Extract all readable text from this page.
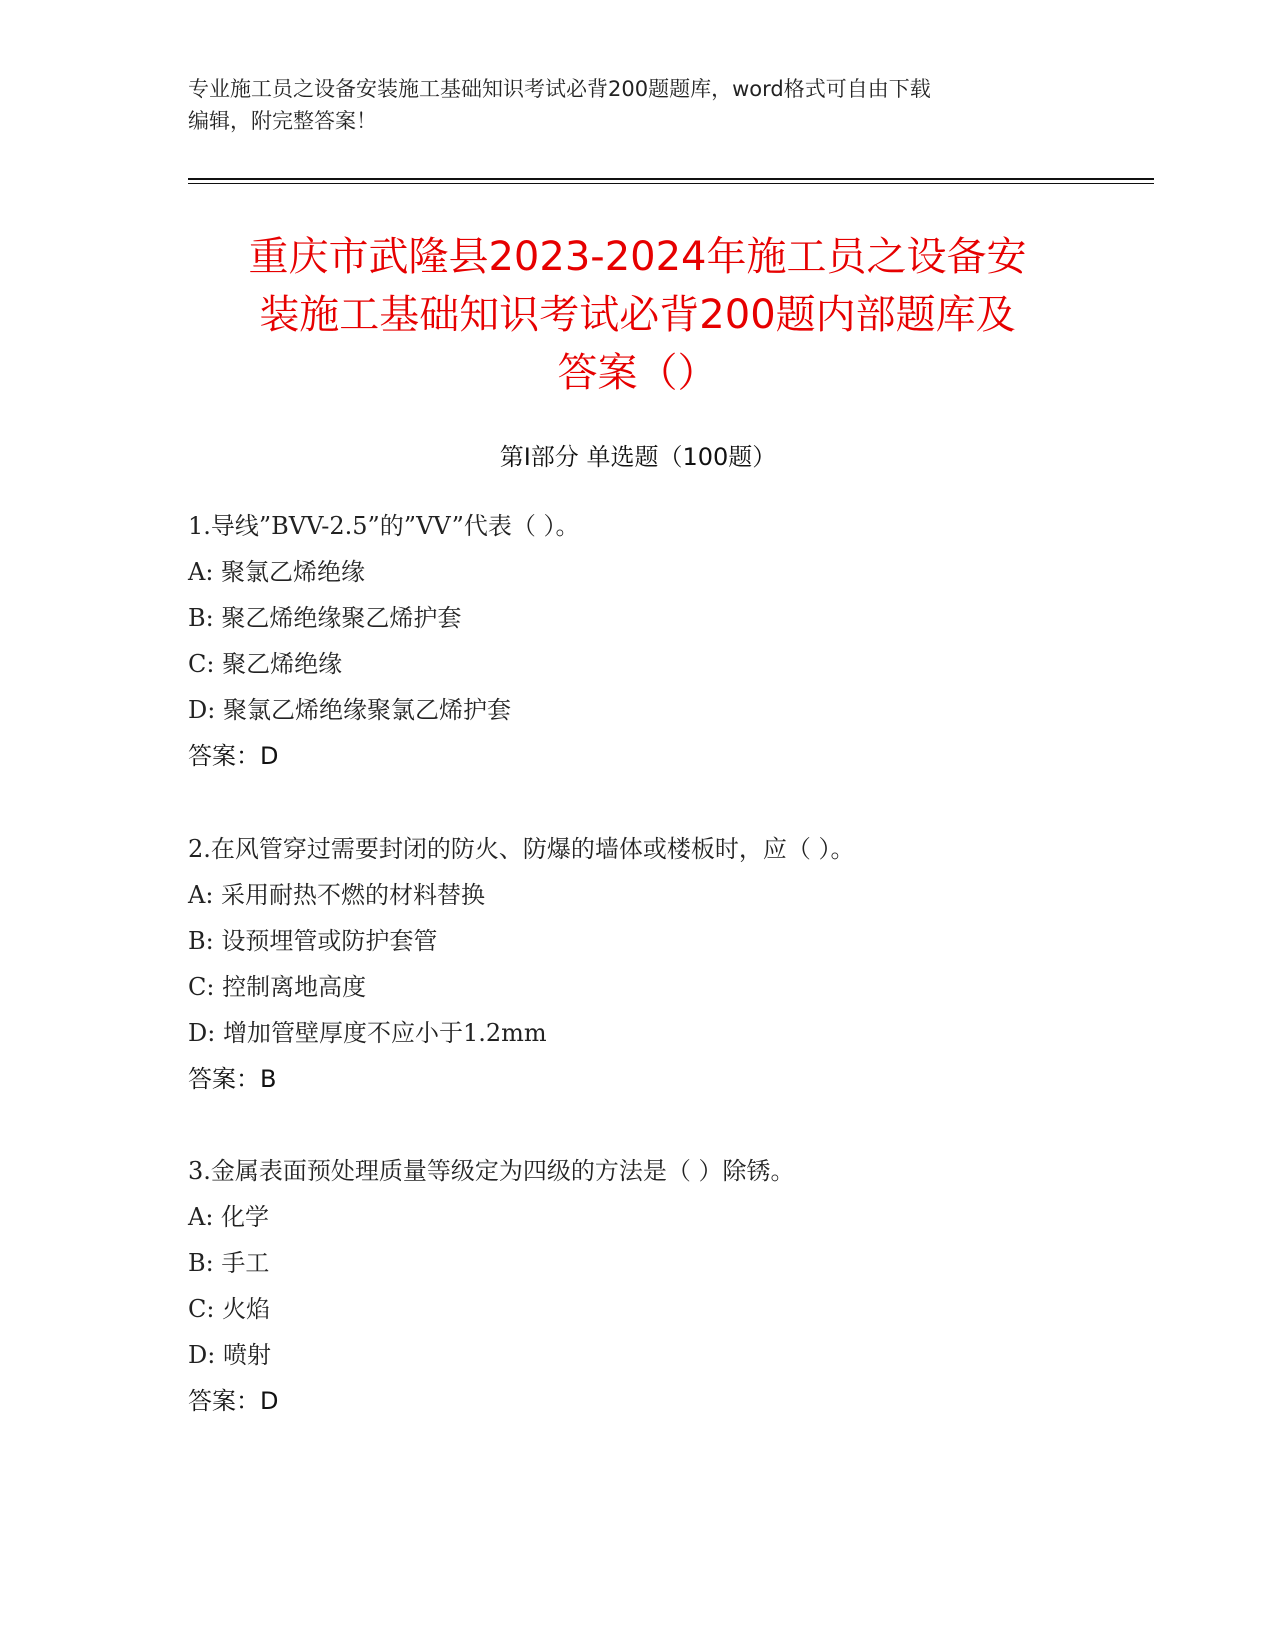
专业施工员之设备安装施工基础知识考试必背200题题库，word格式可自由下载
编辑，附完整答案！
重庆市武隆县2023-2024年施工员之设备安
装施工基础知识考试必背200题内部题库及
答案（）
第Ⅰ部分 单选题（100题）
1.导线”BVV-2.5”的”VV”代表（ ）。
A: 聚氯乙烯绝缘
B: 聚乙烯绝缘聚乙烯护套
C: 聚乙烯绝缘
D: 聚氯乙烯绝缘聚氯乙烯护套
答案：D
2.在风管穿过需要封闭的防火、防爆的墙体或楼板时，应（ ）。
A: 采用耐热不燃的材料替换
B: 设预埋管或防护套管
C: 控制离地高度
D: 增加管壁厚度不应小于1.2mm
答案：B
3.金属表面预处理质量等级定为四级的方法是（ ）除锈。
A: 化学
B: 手工
C: 火焰
D: 喷射
答案：D
